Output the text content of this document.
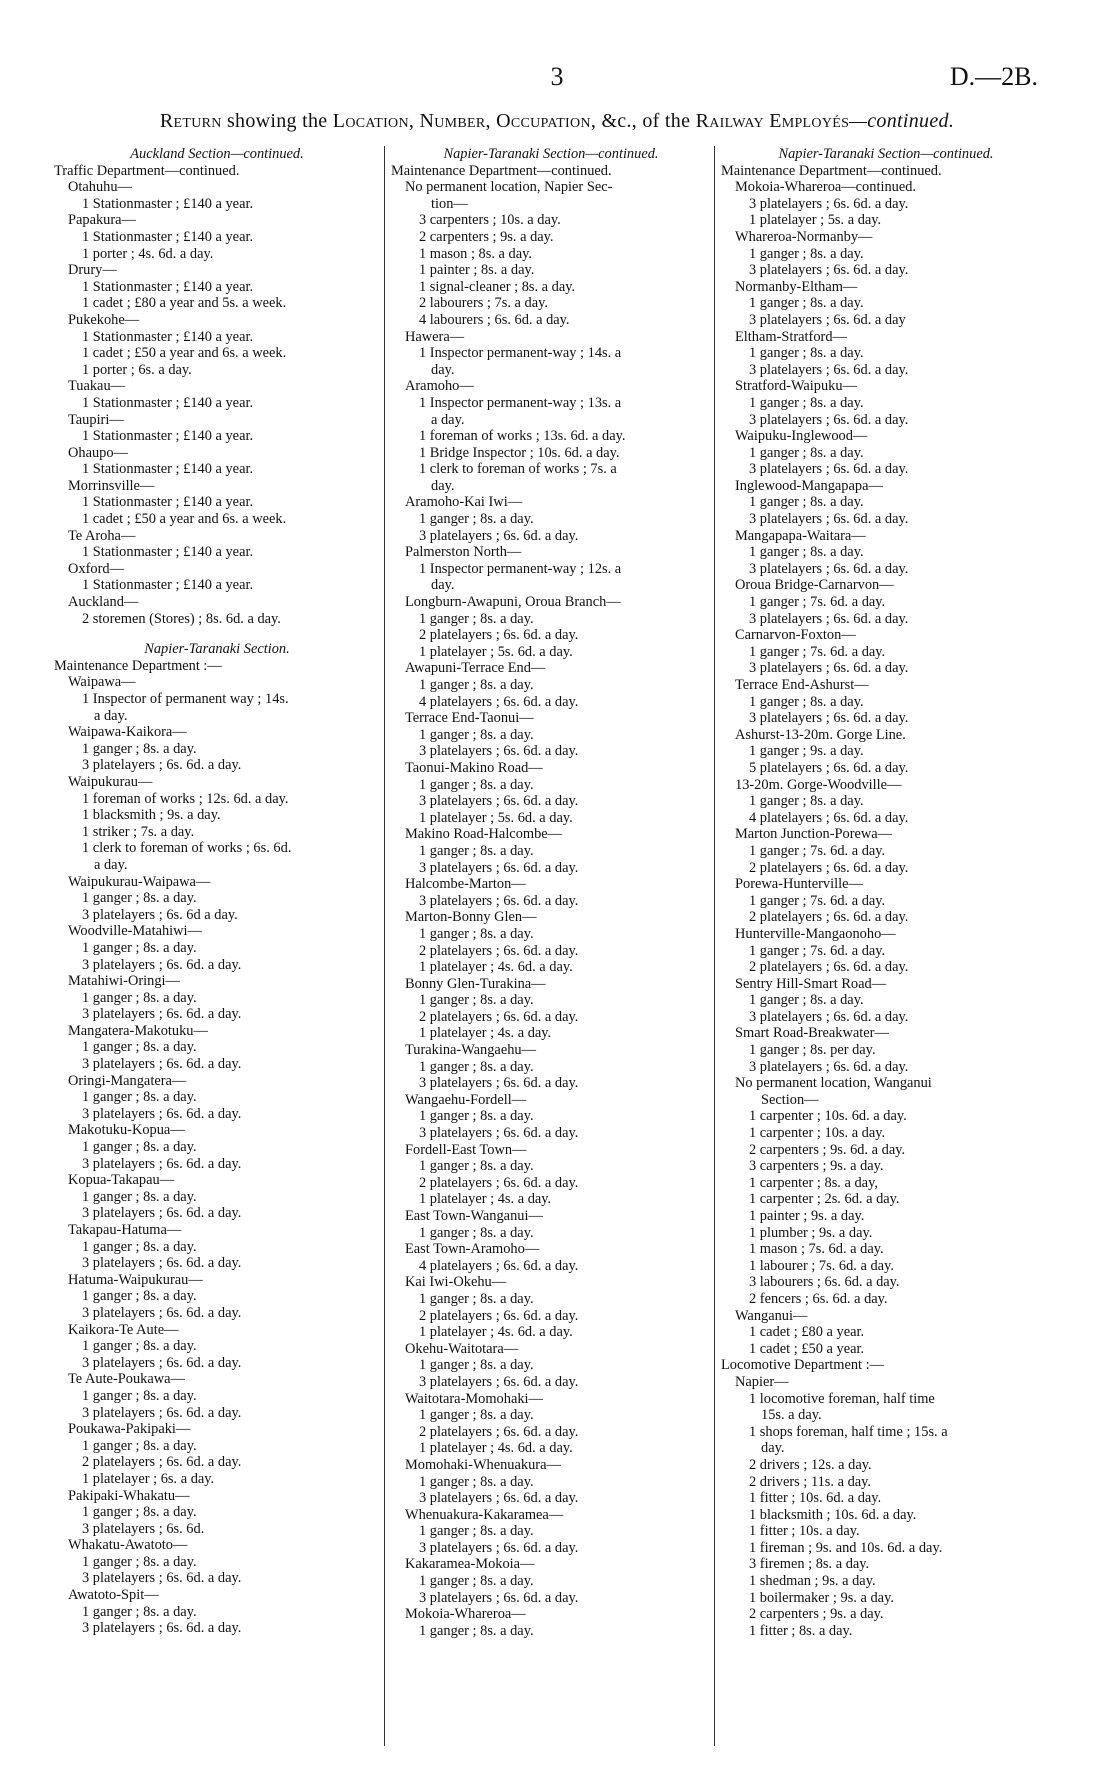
3	D.—2B.
Return showing the Location, Number, Occupation, &c., of the Railway Employés—continued.
Auckland Section—continued.
Traffic Department—continued.
Otahuhu—
1 Stationmaster ; £140 a year.
Papakura—
1 Stationmaster ; £140 a year.
1 porter ; 4s. 6d. a day.
Drury—
1 Stationmaster ; £140 a year.
1 cadet ; £80 a year and 5s. a week.
Pukekohe—
1 Stationmaster ; £140 a year.
1 cadet ; £50 a year and 6s. a week.
1 porter ; 6s. a day.
Tuakau—
1 Stationmaster ; £140 a year.
Taupiri—
1 Stationmaster ; £140 a year.
Ohaupo—
1 Stationmaster ; £140 a year.
Morrinsville—
1 Stationmaster ; £140 a year.
1 cadet ; £50 a year and 6s. a week.
Te Aroha—
1 Stationmaster ; £140 a year.
Oxford—
1 Stationmaster ; £140 a year.
Auckland—
2 storemen (Stores) ; 8s. 6d. a day.
Napier-Taranaki Section.
Maintenance Department :—
Waipawa—
1 Inspector of permanent way ; 14s.
a day.
Waipawa-Kaikora—
1 ganger ; 8s. a day.
3 platelayers ; 6s. 6d. a day.
Waipukurau—
1 foreman of works ; 12s. 6d. a day.
1 blacksmith ; 9s. a day.
1 striker ; 7s. a day.
1 clerk to foreman of works ; 6s. 6d.
a day.
Waipukurau-Waipawa—
1 ganger ; 8s. a day.
3 platelayers ; 6s. 6d a day.
Woodville-Matahiwi—
1 ganger ; 8s. a day.
3 platelayers ; 6s. 6d. a day.
Matahiwi-Oringi—
1 ganger ; 8s. a day.
3 platelayers ; 6s. 6d. a day.
Mangatera-Makotuku—
1 ganger ; 8s. a day.
3 platelayers ; 6s. 6d. a day.
Oringi-Mangatera—
1 ganger ; 8s. a day.
3 platelayers ; 6s. 6d. a day.
Makotuku-Kopua—
1 ganger ; 8s. a day.
3 platelayers ; 6s. 6d. a day.
Kopua-Takapau—
1 ganger ; 8s. a day.
3 platelayers ; 6s. 6d. a day.
Takapau-Hatuma—
1 ganger ; 8s. a day.
3 platelayers ; 6s. 6d. a day.
Hatuma-Waipukurau—
1 ganger ; 8s. a day.
3 platelayers ; 6s. 6d. a day.
Kaikora-Te Aute—
1 ganger ; 8s. a day.
3 platelayers ; 6s. 6d. a day.
Te Aute-Poukawa—
1 ganger ; 8s. a day.
3 platelayers ; 6s. 6d. a day.
Poukawa-Pakipaki—
1 ganger ; 8s. a day.
2 platelayers ; 6s. 6d. a day.
1 platelayer ; 6s. a day.
Pakipaki-Whakatu—
1 ganger ; 8s. a day.
3 platelayers ; 6s. 6d.
Whakatu-Awatoto—
1 ganger ; 8s. a day.
3 platelayers ; 6s. 6d. a day.
Awatoto-Spit—
1 ganger ; 8s. a day.
3 platelayers ; 6s. 6d. a day.
Napier-Taranaki Section—continued.
Maintenance Department—continued.
No permanent location, Napier Sec-
tion—
3 carpenters ; 10s. a day.
2 carpenters ; 9s. a day.
1 mason ; 8s. a day.
1 painter ; 8s. a day.
1 signal-cleaner ; 8s. a day.
2 labourers ; 7s. a day.
4 labourers ; 6s. 6d. a day.
Hawera—
1 Inspector permanent-way ; 14s. a
day.
Aramoho—
1 Inspector permanent-way ; 13s. a
a day.
1 foreman of works ; 13s. 6d. a day.
1 Bridge Inspector ; 10s. 6d. a day.
1 clerk to foreman of works ; 7s. a
day.
Aramoho-Kai Iwi—
1 ganger ; 8s. a day.
3 platelayers ; 6s. 6d. a day.
Palmerston North—
1 Inspector permanent-way ; 12s. a
day.
Longburn-Awapuni, Oroua Branch—
1 ganger ; 8s. a day.
2 platelayers ; 6s. 6d. a day.
1 platelayer ; 5s. 6d. a day.
Awapuni-Terrace End—
1 ganger ; 8s. a day.
4 platelayers ; 6s. 6d. a day.
Terrace End-Taonui—
1 ganger ; 8s. a day.
3 platelayers ; 6s. 6d. a day.
Taonui-Makino Road—
1 ganger ; 8s. a day.
3 platelayers ; 6s. 6d. a day.
1 platelayer ; 5s. 6d. a day.
Makino Road-Halcombe—
1 ganger ; 8s. a day.
3 platelayers ; 6s. 6d. a day.
Halcombe-Marton—
3 platelayers ; 6s. 6d. a day.
Marton-Bonny Glen—
1 ganger ; 8s. a day.
2 platelayers ; 6s. 6d. a day.
1 platelayer ; 4s. 6d. a day.
Bonny Glen-Turakina—
1 ganger ; 8s. a day.
2 platelayers ; 6s. 6d. a day.
1 platelayer ; 4s. a day.
Turakina-Wangaehu—
1 ganger ; 8s. a day.
3 platelayers ; 6s. 6d. a day.
Wangaehu-Fordell—
1 ganger ; 8s. a day.
3 platelayers ; 6s. 6d. a day.
Fordell-East Town—
1 ganger ; 8s. a day.
2 platelayers ; 6s. 6d. a day.
1 platelayer ; 4s. a day.
East Town-Wanganui—
1 ganger ; 8s. a day.
East Town-Aramoho—
4 platelayers ; 6s. 6d. a day.
Kai Iwi-Okehu—
1 ganger ; 8s. a day.
2 platelayers ; 6s. 6d. a day.
1 platelayer ; 4s. 6d. a day.
Okehu-Waitotara—
1 ganger ; 8s. a day.
3 platelayers ; 6s. 6d. a day.
Waitotara-Momohaki—
1 ganger ; 8s. a day.
2 platelayers ; 6s. 6d. a day.
1 platelayer ; 4s. 6d. a day.
Momohaki-Whenuakura—
1 ganger ; 8s. a day.
3 platelayers ; 6s. 6d. a day.
Whenuakura-Kakaramea—
1 ganger ; 8s. a day.
3 platelayers ; 6s. 6d. a day.
Kakaramea-Mokoia—
1 ganger ; 8s. a day.
3 platelayers ; 6s. 6d. a day.
Mokoia-Whareroa—
1 ganger ; 8s. a day.
Napier-Taranaki Section—continued.
Maintenance Department—continued.
Mokoia-Whareroa—continued.
3 platelayers ; 6s. 6d. a day.
1 platelayer ; 5s. a day.
Whareroa-Normanby—
1 ganger ; 8s. a day.
3 platelayers ; 6s. 6d. a day.
Normanby-Eltham—
1 ganger ; 8s. a day.
3 platelayers ; 6s. 6d. a day
Eltham-Stratford—
1 ganger ; 8s. a day.
3 platelayers ; 6s. 6d. a day.
Stratford-Waipuku—
1 ganger ; 8s. a day.
3 platelayers ; 6s. 6d. a day.
Waipuku-Inglewood—
1 ganger ; 8s. a day.
3 platelayers ; 6s. 6d. a day.
Inglewood-Mangapapa—
1 ganger ; 8s. a day.
3 platelayers ; 6s. 6d. a day.
Mangapapa-Waitara—
1 ganger ; 8s. a day.
3 platelayers ; 6s. 6d. a day.
Oroua Bridge-Carnarvon—
1 ganger ; 7s. 6d. a day.
3 platelayers ; 6s. 6d. a day.
Carnarvon-Foxton—
1 ganger ; 7s. 6d. a day.
3 platelayers ; 6s. 6d. a day.
Terrace End-Ashurst—
1 ganger ; 8s. a day.
3 platelayers ; 6s. 6d. a day.
Ashurst-13-20m. Gorge Line.
1 ganger ; 9s. a day.
5 platelayers ; 6s. 6d. a day.
13-20m. Gorge-Woodville—
1 ganger ; 8s. a day.
4 platelayers ; 6s. 6d. a day.
Marton Junction-Porewa—
1 ganger ; 7s. 6d. a day.
2 platelayers ; 6s. 6d. a day.
Porewa-Hunterville—
1 ganger ; 7s. 6d. a day.
2 platelayers ; 6s. 6d. a day.
Hunterville-Mangaonoho—
1 ganger ; 7s. 6d. a day.
2 platelayers ; 6s. 6d. a day.
Sentry Hill-Smart Road—
1 ganger ; 8s. a day.
3 platelayers ; 6s. 6d. a day.
Smart Road-Breakwater—
1 ganger ; 8s. per day.
3 platelayers ; 6s. 6d. a day.
No permanent location, Wanganui
Section—
1 carpenter ; 10s. 6d. a day.
1 carpenter ; 10s. a day.
2 carpenters ; 9s. 6d. a day.
3 carpenters ; 9s. a day.
1 carpenter ; 8s. a day,
1 carpenter ; 2s. 6d. a day.
1 painter ; 9s. a day.
1 plumber ; 9s. a day.
1 mason ; 7s. 6d. a day.
1 labourer ; 7s. 6d. a day.
3 labourers ; 6s. 6d. a day.
2 fencers ; 6s. 6d. a day.
Wanganui—
1 cadet ; £80 a year.
1 cadet ; £50 a year.
Locomotive Department :—
Napier—
1 locomotive foreman, half time
15s. a day.
1 shops foreman, half time ; 15s. a
day.
2 drivers ; 12s. a day.
2 drivers ; 11s. a day.
1 fitter ; 10s. 6d. a day.
1 blacksmith ; 10s. 6d. a day.
1 fitter ; 10s. a day.
1 fireman ; 9s. and 10s. 6d. a day.
3 firemen ; 8s. a day.
1 shedman ; 9s. a day.
1 boilermaker ; 9s. a day.
2 carpenters ; 9s. a day.
1 fitter ; 8s. a day.
